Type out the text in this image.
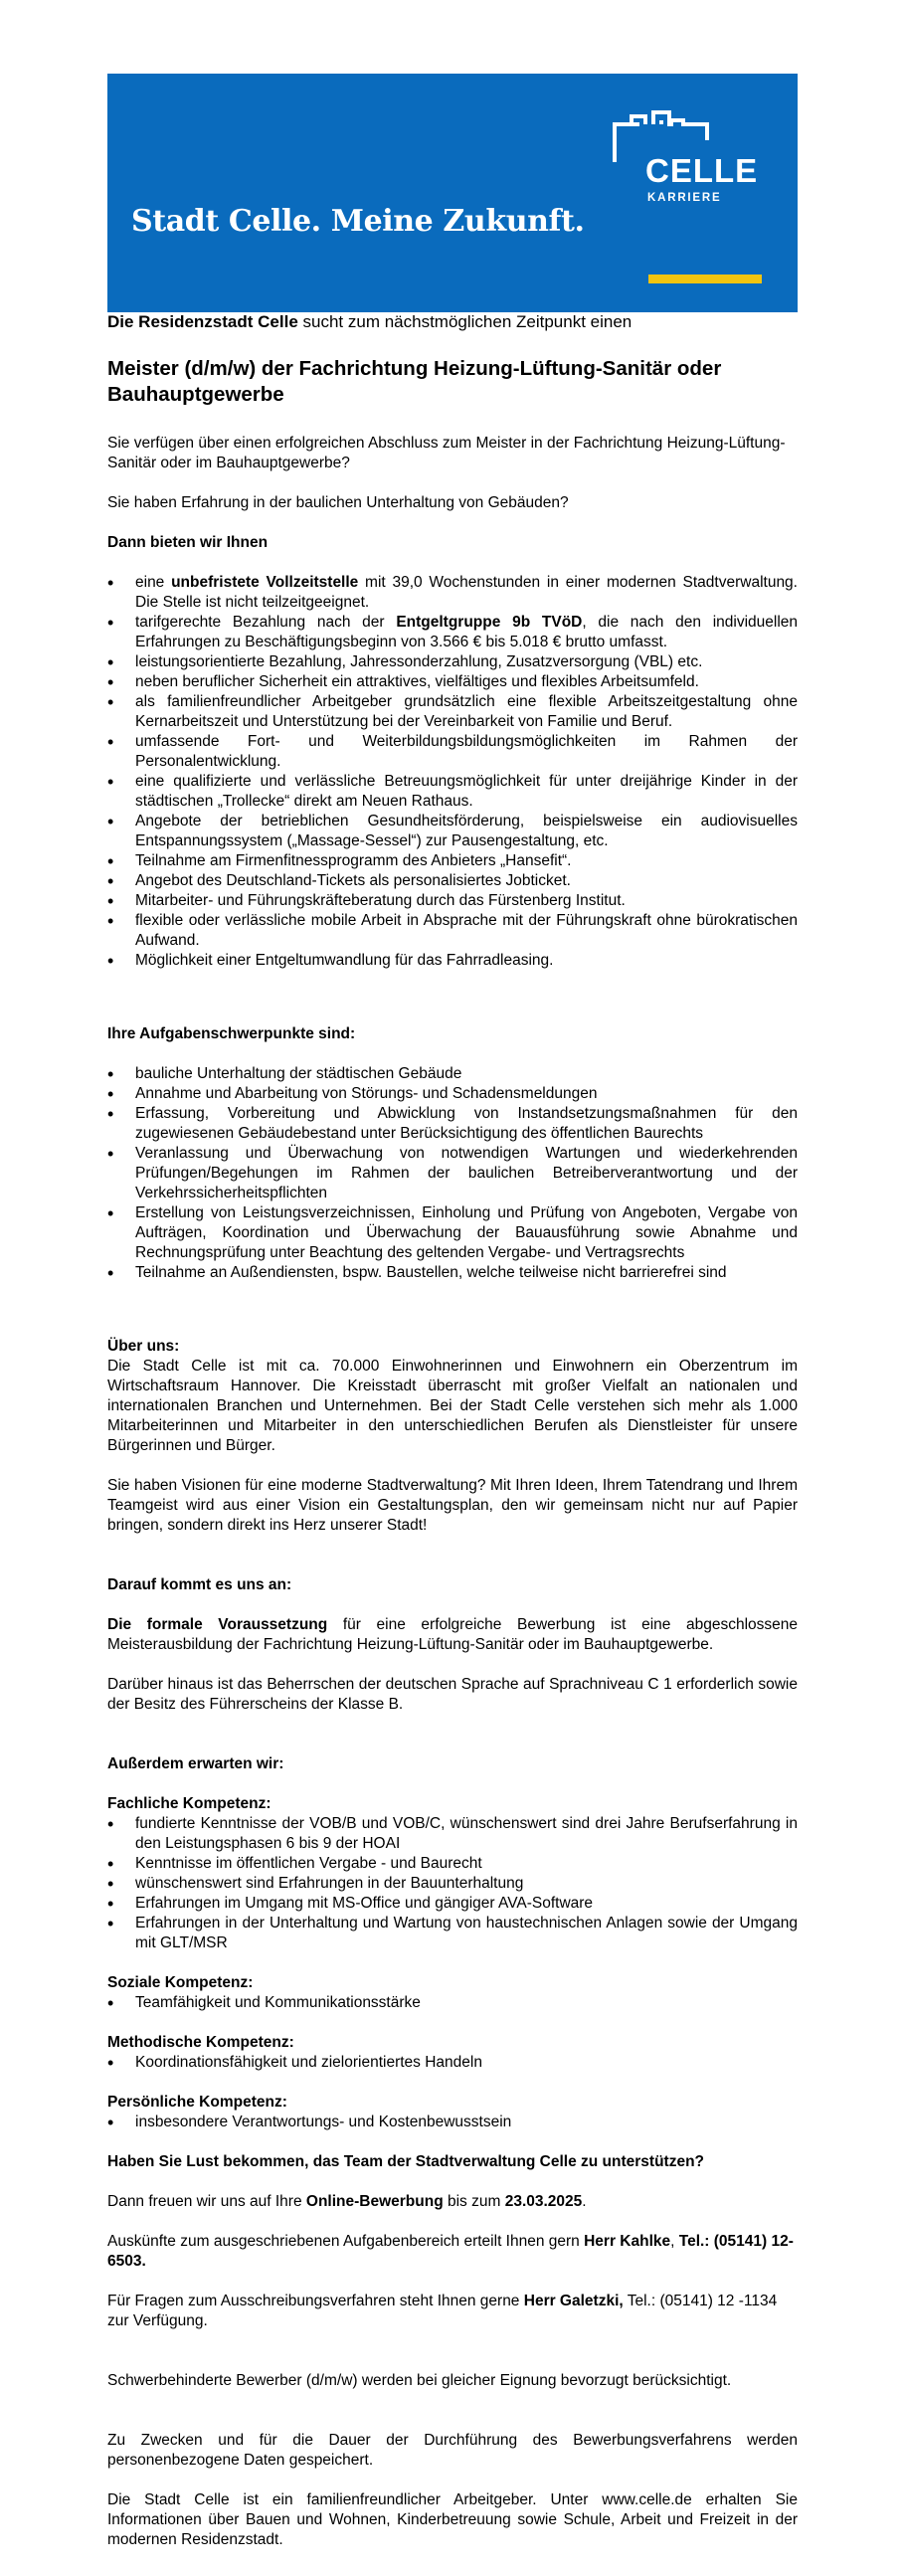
Stadt Celle. Meine Zukunft.
CELLE
KARRIERE

Die Residenzstadt Celle sucht zum nächstmöglichen Zeitpunkt einen

Meister (d/m/w) der Fachrichtung Heizung-Lüftung-Sanitär oder Bauhauptgewerbe

Sie verfügen über einen erfolgreichen Abschluss zum Meister in der Fachrichtung Heizung-Lüftung-Sanitär oder im Bauhauptgewerbe?

Sie haben Erfahrung in der baulichen Unterhaltung von Gebäuden?

Dann bieten wir Ihnen

• eine unbefristete Vollzeitstelle mit 39,0 Wochenstunden in einer modernen Stadtverwaltung. Die Stelle ist nicht teilzeitgeeignet.
• tarifgerechte Bezahlung nach der Entgeltgruppe 9b TVöD, die nach den individuellen Erfahrungen zu Beschäftigungsbeginn von 3.566 € bis 5.018 € brutto umfasst.
• leistungsorientierte Bezahlung, Jahressonderzahlung, Zusatzversorgung (VBL) etc.
• neben beruflicher Sicherheit ein attraktives, vielfältiges und flexibles Arbeitsumfeld.
• als familienfreundlicher Arbeitgeber grundsätzlich eine flexible Arbeitszeitgestaltung ohne Kernarbeitszeit und Unterstützung bei der Vereinbarkeit von Familie und Beruf.
• umfassende Fort- und Weiterbildungsbildungsmöglichkeiten im Rahmen der Personalentwicklung.
• eine qualifizierte und verlässliche Betreuungsmöglichkeit für unter dreijährige Kinder in der städtischen „Trollecke“ direkt am Neuen Rathaus.
• Angebote der betrieblichen Gesundheitsförderung, beispielsweise ein audiovisuelles Entspannungssystem („Massage-Sessel“) zur Pausengestaltung, etc.
• Teilnahme am Firmenfitnessprogramm des Anbieters „Hansefit“.
• Angebot des Deutschland-Tickets als personalisiertes Jobticket.
• Mitarbeiter- und Führungskräfteberatung durch das Fürstenberg Institut.
• flexible oder verlässliche mobile Arbeit in Absprache mit der Führungskraft ohne bürokratischen Aufwand.
• Möglichkeit einer Entgeltumwandlung für das Fahrradleasing.

Ihre Aufgabenschwerpunkte sind:

• bauliche Unterhaltung der städtischen Gebäude
• Annahme und Abarbeitung von Störungs- und Schadensmeldungen
• Erfassung, Vorbereitung und Abwicklung von Instandsetzungsmaßnahmen für den zugewiesenen Gebäudebestand unter Berücksichtigung des öffentlichen Baurechts
• Veranlassung und Überwachung von notwendigen Wartungen und wiederkehrenden Prüfungen/Begehungen im Rahmen der baulichen Betreiberverantwortung und der Verkehrssicherheitspflichten
• Erstellung von Leistungsverzeichnissen, Einholung und Prüfung von Angeboten, Vergabe von Aufträgen, Koordination und Überwachung der Bauausführung sowie Abnahme und Rechnungsprüfung unter Beachtung des geltenden Vergabe- und Vertragsrechts
• Teilnahme an Außendiensten, bspw. Baustellen, welche teilweise nicht barrierefrei sind

Über uns:

Die Stadt Celle ist mit ca. 70.000 Einwohnerinnen und Einwohnern ein Oberzentrum im Wirtschaftsraum Hannover. Die Kreisstadt überrascht mit großer Vielfalt an nationalen und internationalen Branchen und Unternehmen. Bei der Stadt Celle verstehen sich mehr als 1.000 Mitarbeiterinnen und Mitarbeiter in den unterschiedlichen Berufen als Dienstleister für unsere Bürgerinnen und Bürger.

Sie haben Visionen für eine moderne Stadtverwaltung? Mit Ihren Ideen, Ihrem Tatendrang und Ihrem Teamgeist wird aus einer Vision ein Gestaltungsplan, den wir gemeinsam nicht nur auf Papier bringen, sondern direkt ins Herz unserer Stadt!

Darauf kommt es uns an:

Die formale Voraussetzung für eine erfolgreiche Bewerbung ist eine abgeschlossene Meisterausbildung der Fachrichtung Heizung-Lüftung-Sanitär oder im Bauhauptgewerbe.

Darüber hinaus ist das Beherrschen der deutschen Sprache auf Sprachniveau C 1 erforderlich sowie der Besitz des Führerscheins der Klasse B.

Außerdem erwarten wir:

Fachliche Kompetenz:

• fundierte Kenntnisse der VOB/B und VOB/C, wünschenswert sind drei Jahre Berufserfahrung in den Leistungsphasen 6 bis 9 der HOAI
• Kenntnisse im öffentlichen Vergabe - und Baurecht
• wünschenswert sind Erfahrungen in der Bauunterhaltung
• Erfahrungen im Umgang mit MS-Office und gängiger AVA-Software
• Erfahrungen in der Unterhaltung und Wartung von haustechnischen Anlagen sowie der Umgang mit GLT/MSR

Soziale Kompetenz:

• Teamfähigkeit und Kommunikationsstärke

Methodische Kompetenz:

• Koordinationsfähigkeit und zielorientiertes Handeln

Persönliche Kompetenz:

• insbesondere Verantwortungs- und Kostenbewusstsein

Haben Sie Lust bekommen, das Team der Stadtverwaltung Celle zu unterstützen?

Dann freuen wir uns auf Ihre Online-Bewerbung bis zum 23.03.2025.

Auskünfte zum ausgeschriebenen Aufgabenbereich erteilt Ihnen gern Herr Kahlke, Tel.: (05141) 12-6503.

Für Fragen zum Ausschreibungsverfahren steht Ihnen gerne Herr Galetzki, Tel.: (05141) 12 -1134 zur Verfügung.

Schwerbehinderte Bewerber (d/m/w) werden bei gleicher Eignung bevorzugt berücksichtigt.

Zu Zwecken und für die Dauer der Durchführung des Bewerbungsverfahrens werden personenbezogene Daten gespeichert.

Die Stadt Celle ist ein familienfreundlicher Arbeitgeber. Unter www.celle.de erhalten Sie Informationen über Bauen und Wohnen, Kinderbetreuung sowie Schule, Arbeit und Freizeit in der modernen Residenzstadt.
